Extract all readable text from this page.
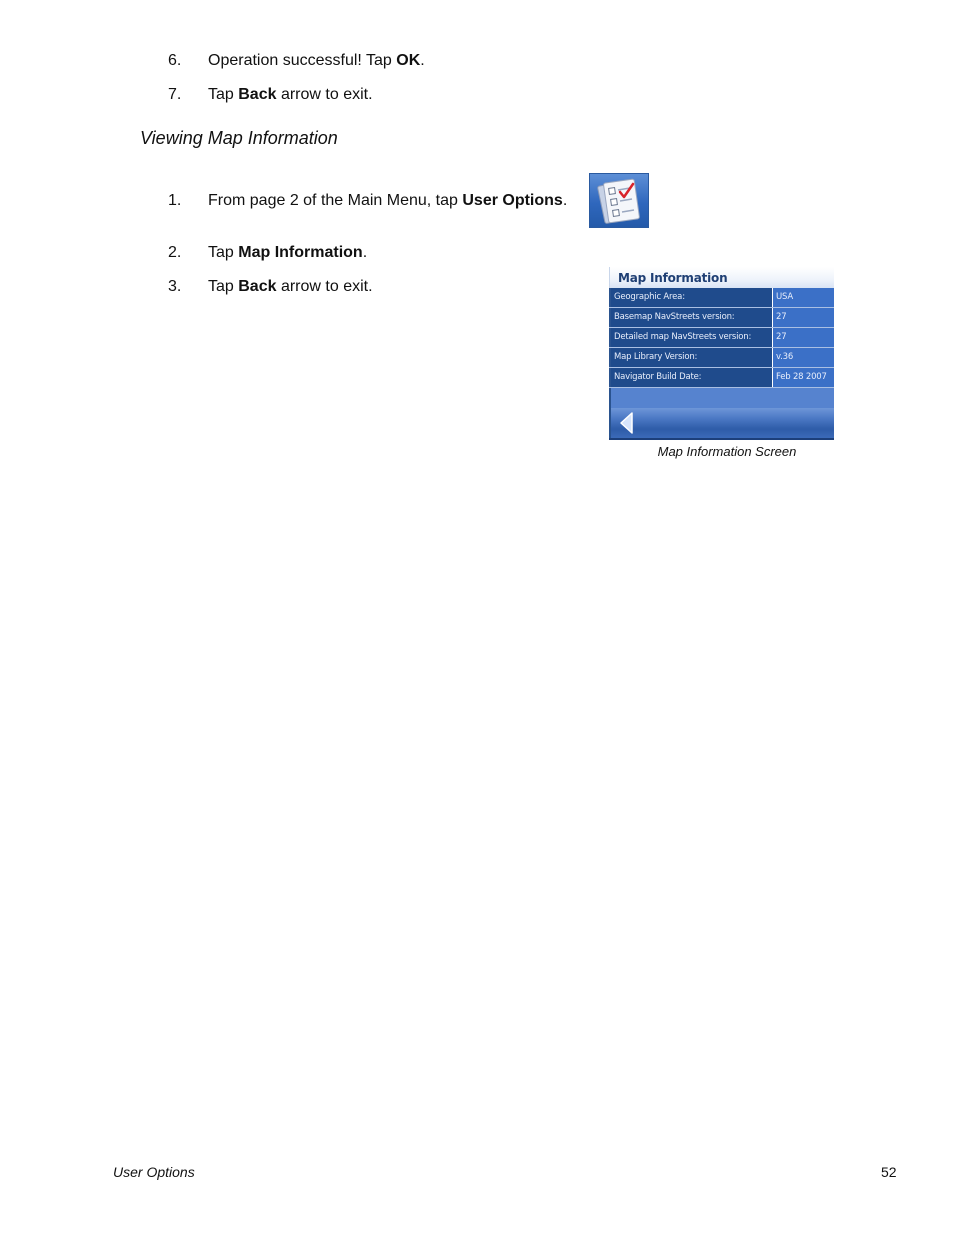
6. Operation successful! Tap OK.
7. Tap Back arrow to exit.
Viewing Map Information
1. From page 2 of the Main Menu, tap User Options.
2. Tap Map Information.
3. Tap Back arrow to exit.	Map Information
Geographic Area:	USA
Basemap NavStreets version:	27
Detailed map NavStreets version:	27
Map Library Version:	v.36
Navigator Build Date:	Feb 28 2007
Map Information Screen
User Options	52
